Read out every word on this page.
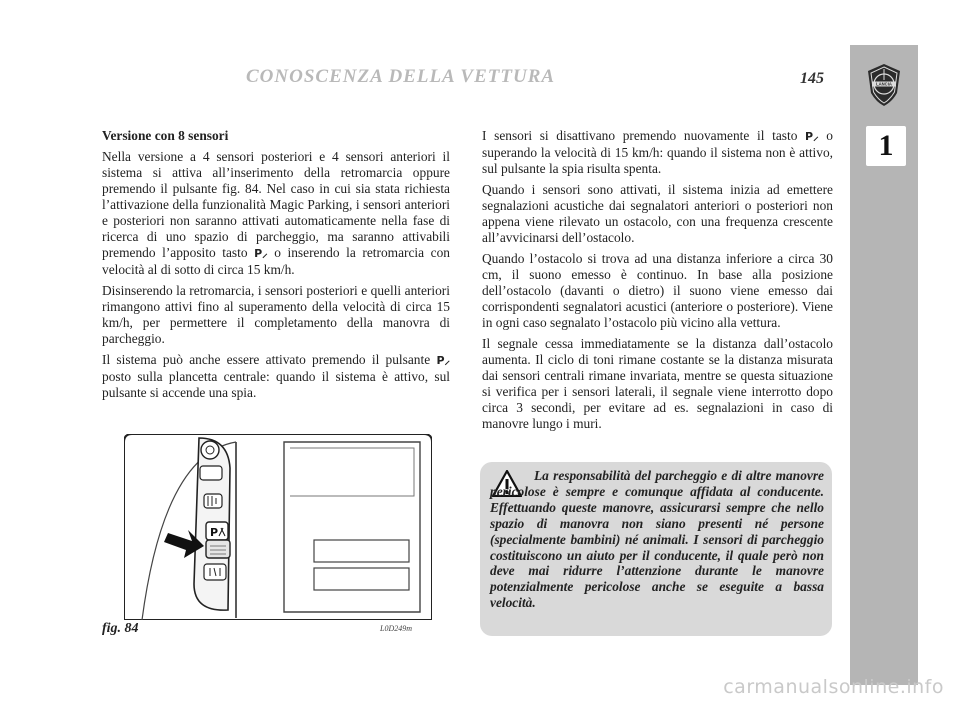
CONOSCENZA DELLA VETTURA	145	LANCIA
1

Versione con 8 sensori

Nella versione a 4 sensori posteriori e 4 sensori anteriori il sistema si attiva all’inserimento della retromarcia oppure premendo il pulsante fig. 84. Nel caso in cui sia stata richiesta l’attivazione della funzionalità Magic Parking, i sensori anteriori e posteriori non saranno attivati automaticamente nella fase di ricerca di uno spazio di parcheggio, ma saranno attivabili premendo l’apposito tasto P⸝ o inserendo la retromarcia con velocità al di sotto di circa 15 km/h.

Disinserendo la retromarcia, i sensori posteriori e quelli anteriori rimangono attivi fino al superamento della velocità di circa 15 km/h, per permettere il completamento della manovra di parcheggio.

Il sistema può anche essere attivato premendo il pulsante P⸝ posto sulla plancetta centrale: quando il sistema è attivo, sul pulsante si accende una spia.

I sensori si disattivano premendo nuovamente il tasto P⸝ o superando la velocità di 15 km/h: quando il sistema non è attivo, sul pulsante la spia risulta spenta.

Quando i sensori sono attivati, il sistema inizia ad emettere segnalazioni acustiche dai segnalatori anteriori o posteriori non appena viene rilevato un ostacolo, con una frequenza crescente all’avvicinarsi dell’ostacolo.

Quando l’ostacolo si trova ad una distanza inferiore a circa 30 cm, il suono emesso è continuo. In base alla posizione dell’ostacolo (davanti o dietro) il suono viene emesso dai corrispondenti segnalatori acustici (anteriore o posteriore). Viene in ogni caso segnalato l’ostacolo più vicino alla vettura.

Il segnale cessa immediatamente se la distanza dall’ostacolo aumenta. Il ciclo di toni rimane costante se la distanza misurata dai sensori centrali rimane invariata, mentre se questa situazione si verifica per i sensori laterali, il segnale viene interrotto dopo circa 3 secondi, per evitare ad es. segnalazioni in caso di manovre lungo i muri.

P
fig. 84	L0D249m

La responsabilità del parcheggio e di altre manovre pericolose è sempre e comunque affidata al conducente. Effettuando queste manovre, assicurarsi sempre che nello spazio di manovra non siano presenti né persone (specialmente bambini) né animali. I sensori di parcheggio costituiscono un aiuto per il conducente, il quale però non deve mai ridurre l’attenzione durante le manovre potenzialmente pericolose anche se eseguite a bassa velocità.

carmanualsonline.info
